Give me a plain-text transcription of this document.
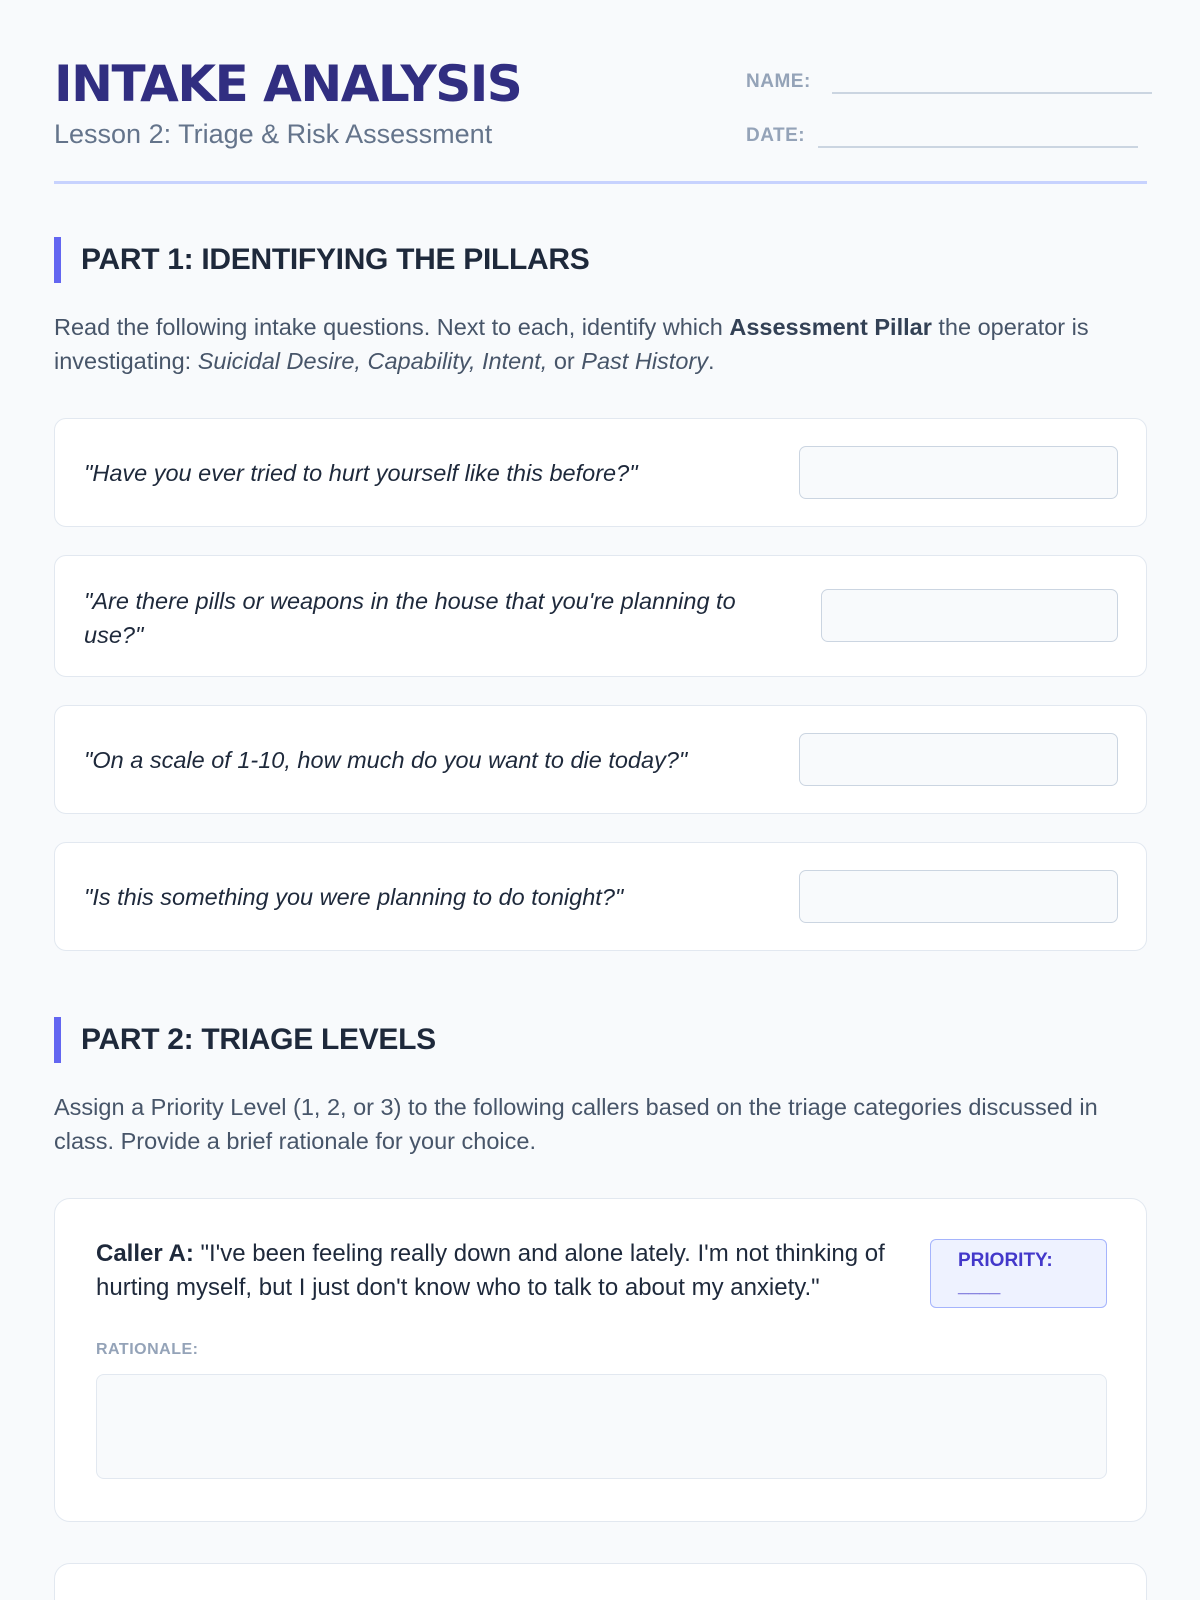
INTAKE ANALYSIS
Lesson 2: Triage & Risk Assessment
NAME:
DATE:
PART 1: IDENTIFYING THE PILLARS
Read the following intake questions. Next to each, identify which Assessment Pillar the operator is investigating: Suicidal Desire, Capability, Intent, or Past History.
"Have you ever tried to hurt yourself like this before?"
"Are there pills or weapons in the house that you're planning to use?"
"On a scale of 1-10, how much do you want to die today?"
"Is this something you were planning to do tonight?"
PART 2: TRIAGE LEVELS
Assign a Priority Level (1, 2, or 3) to the following callers based on the triage categories discussed in class. Provide a brief rationale for your choice.
Caller A: "I've been feeling really down and alone lately. I'm not thinking of hurting myself, but I just don't know who to talk to about my anxiety."
PRIORITY:
____
RATIONALE:
